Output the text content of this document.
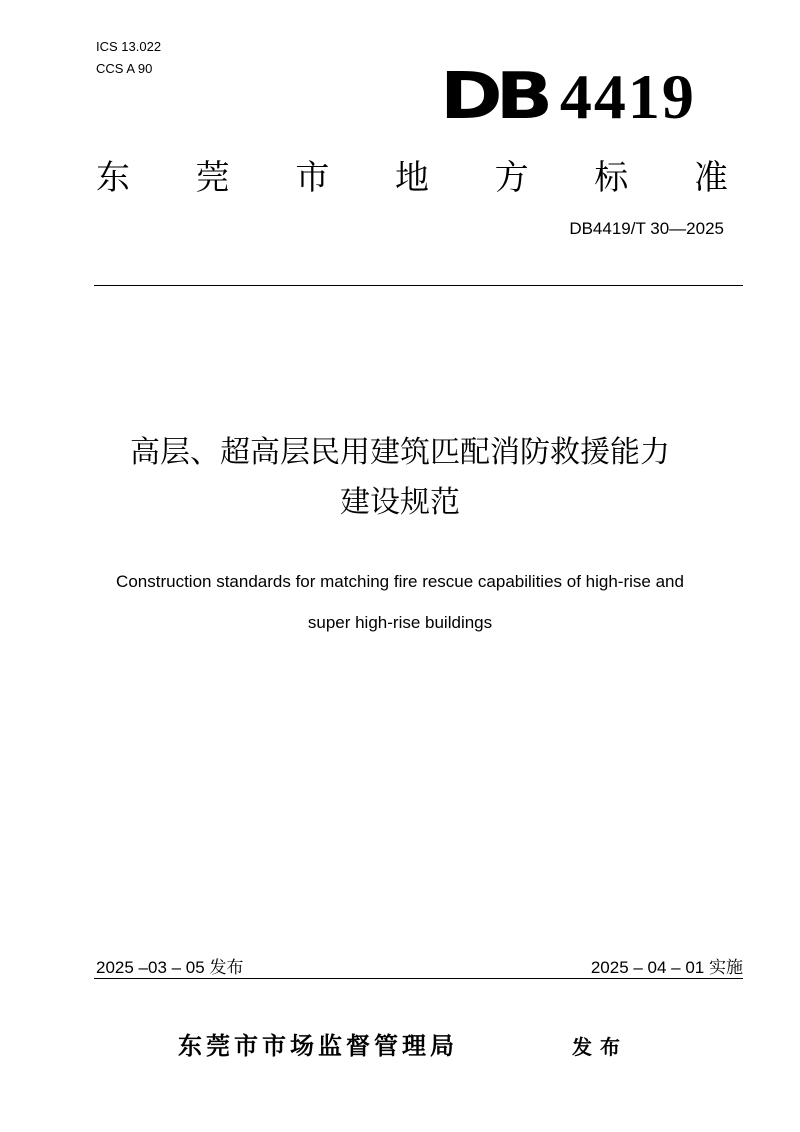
ICS 13.022
CCS A 90	DB 4419
东 莞 市 地 方 标 准
DB4419/T 30—2025
高层、超高层民用建筑匹配消防救援能力
建设规范
Construction standards for matching fire rescue capabilities of high-rise and
super high-rise buildings
2025 –03 – 05 发布	2025 – 04 – 01 实施
东莞市市场监督管理局	发布
